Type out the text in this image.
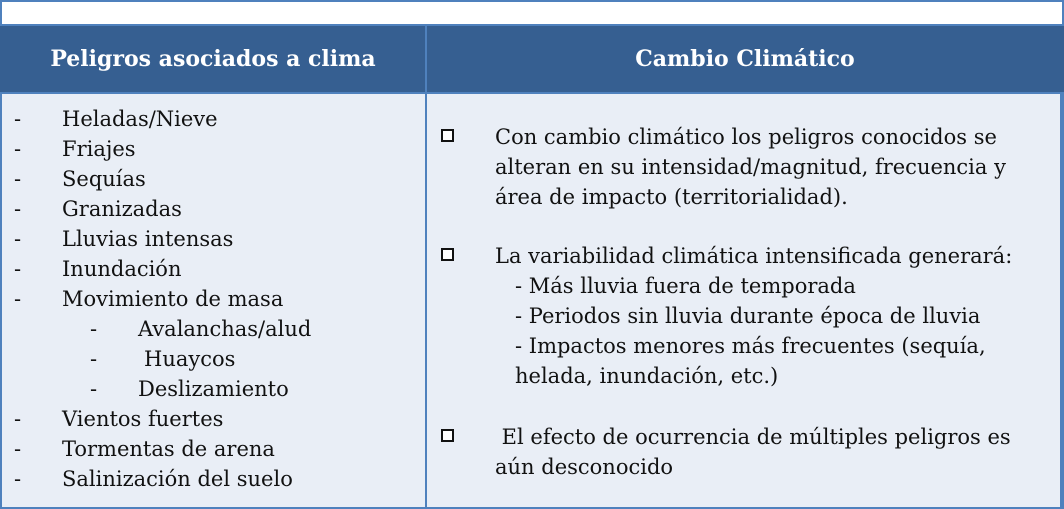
Peligros asociados a clima	Cambio Climático
- Heladas/Nieve
- Friajes
- Sequías
- Granizadas
- Lluvias intensas
- Inundación
- Movimiento de masa
- Avalanchas/alud
- Huaycos
- Deslizamiento
- Vientos fuertes
- Tormentas de arena
- Salinización del suelo
Con cambio climático los peligros conocidos se
alteran en su intensidad/magnitud, frecuencia y
área de impacto (territorialidad).
La variabilidad climática intensificada generará:
- Más lluvia fuera de temporada
- Periodos sin lluvia durante época de lluvia
- Impactos menores más frecuentes (sequía,
helada, inundación, etc.)
El efecto de ocurrencia de múltiples peligros es
aún desconocido
